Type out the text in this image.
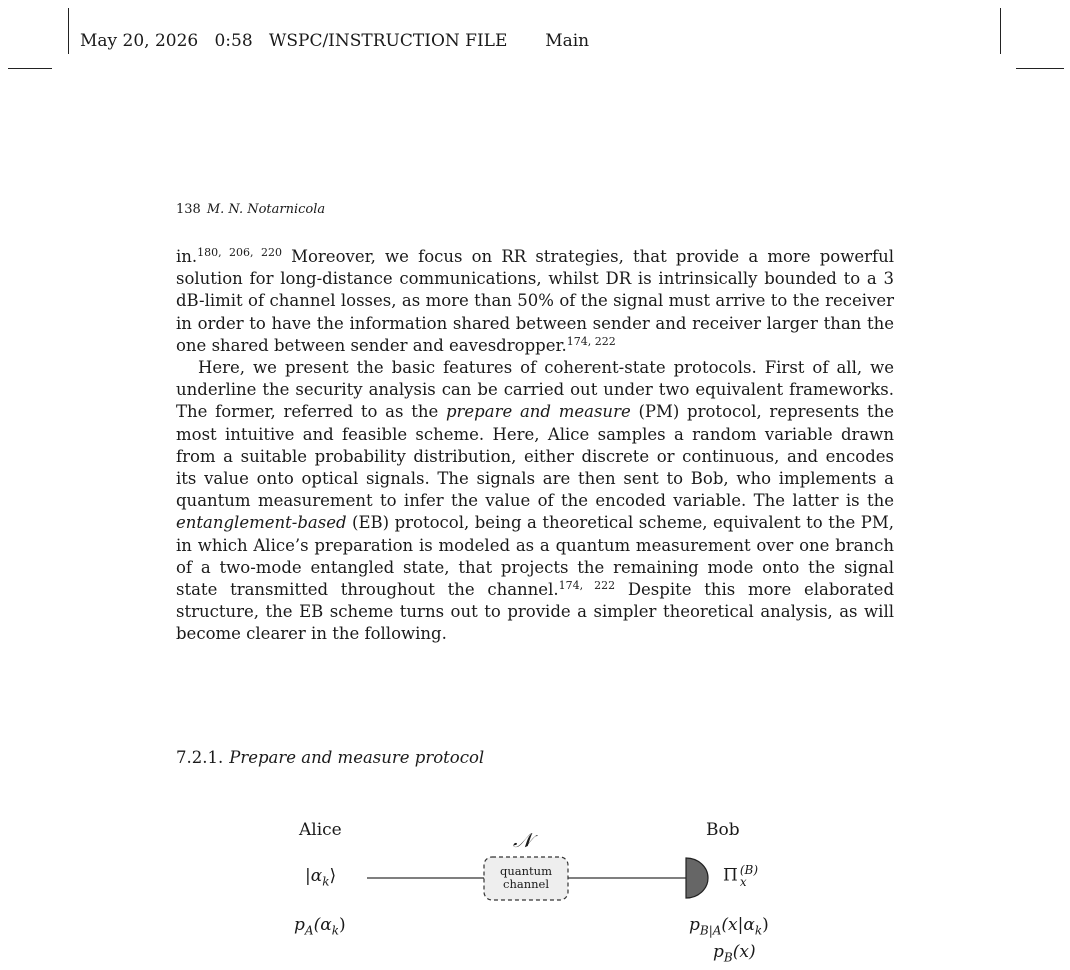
May 20, 2026 0:58 WSPC/INSTRUCTION FILE Main
138 M. N. Notarnicola

in.$^{180, 206, 220}$ Moreover, we focus on RR strategies, that provide a more powerful solution for long-distance communications, whilst DR is intrinsically bounded to a 3 dB-limit of channel losses, as more than 50% of the signal must arrive to the receiver in order to have the information shared between sender and receiver larger than the one shared between sender and eavesdropper.$^{174, 222}$

Here, we present the basic features of coherent-state protocols. First of all, we underline the security analysis can be carried out under two equivalent frameworks. The former, referred to as the prepare and measure (PM) protocol, represents the most intuitive and feasible scheme. Here, Alice samples a random variable drawn from a suitable probability distribution, either discrete or continuous, and encodes its value onto optical signals. The signals are then sent to Bob, who implements a quantum measurement to infer the value of the encoded variable. The latter is the entanglement-based (EB) protocol, being a theoretical scheme, equivalent to the PM, in which Alice’s preparation is modeled as a quantum measurement over one branch of a two-mode entangled state, that projects the remaining mode onto the signal state transmitted throughout the channel.$^{174, 222}$ Despite this more elaborated structure, the EB scheme turns out to provide a simpler theoretical analysis, as will become clearer in the following.

7.2.1. Prepare and measure protocol
Alice	Bob
𝒩
quantum
channel
$|\alpha_k⟩$
$p_A(\alpha_k)$
Π (B)
x
$p_{B|A}(x|\alpha_k)$
$p_B(x)$
